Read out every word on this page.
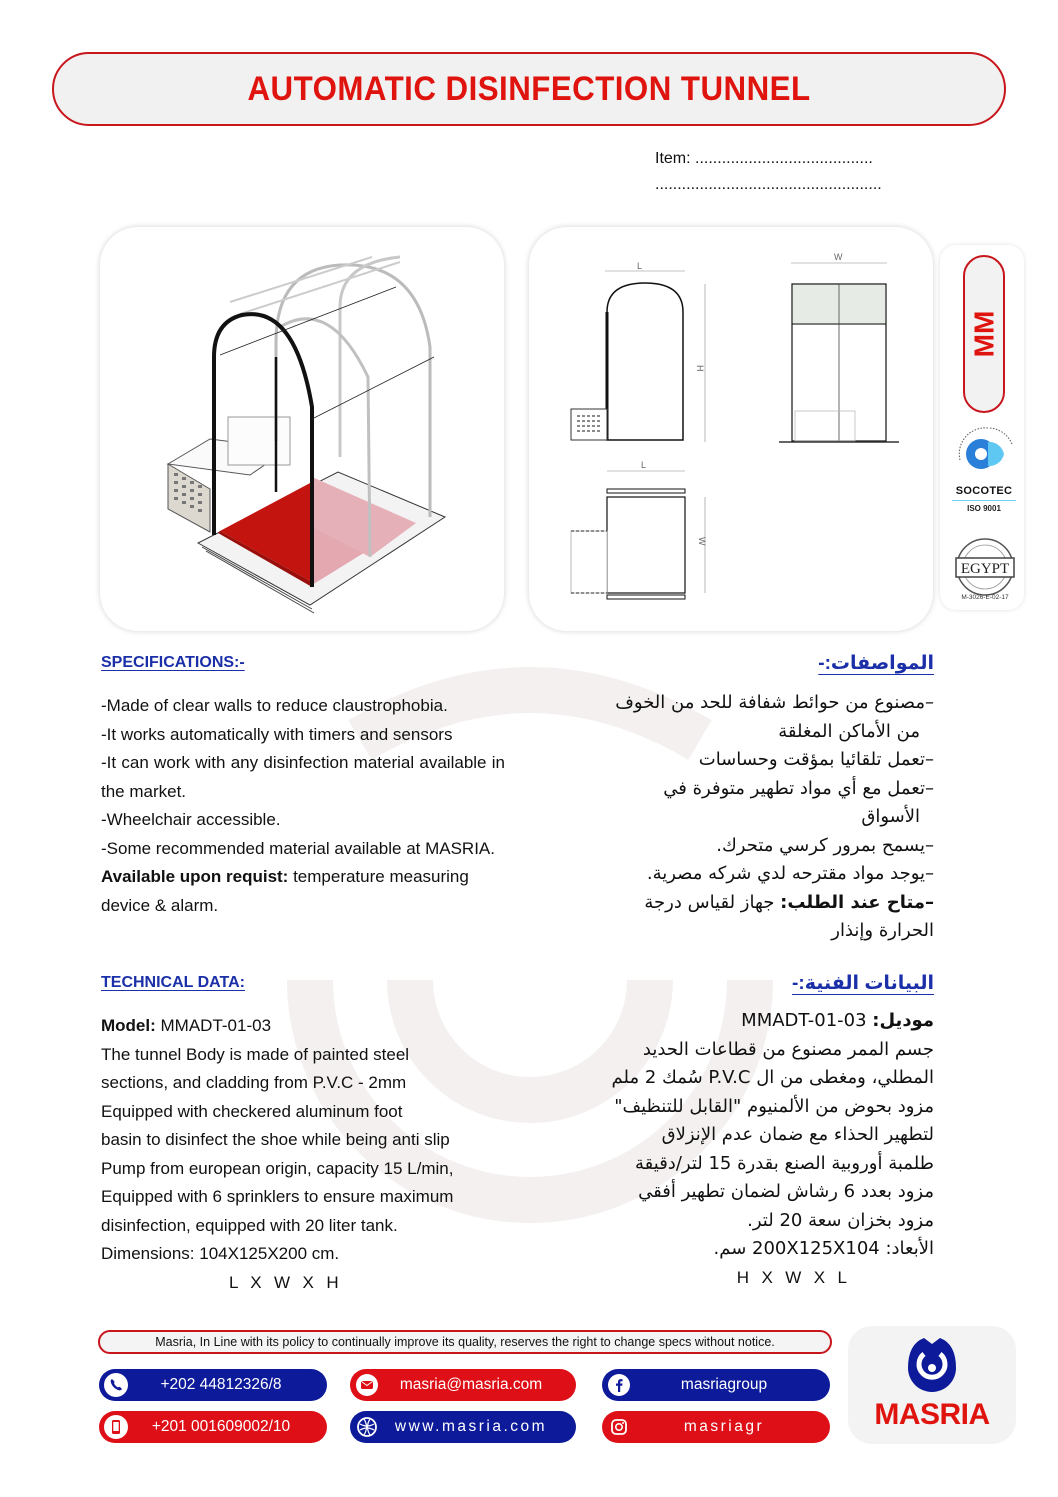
AUTOMATIC DISINFECTION TUNNEL
Item: ........................................
...................................................
L
H
W
L
W
MM
SOCOTEC
ISO 9001
EGYPT
M-3026-E-02-17
SPECIFICATIONS:-

-Made of clear walls to reduce claustrophobia.

-It works automatically with timers and sensors

-It can work with any disinfection material available in the market.

-Wheelchair accessible.

-Some recommended material available at MASRIA.

Available upon requist: temperature measuring device & alarm.

المواصفات:-

–مصنوع من حوائط شفافة للحد من الخوف

من الأماكن المغلقة

–تعمل تلقائيا بمؤقت وحساسات

–تعمل مع أي مواد تطهير متوفرة في

الأسواق

–يسمح بمرور كرسي متحرك.

–يوجد مواد مقترحه لدي شركه مصرية.

–متاح عند الطلب: جهاز لقياس درجة

الحرارة وإنذار

TECHNICAL DATA:

Model: MMADT-01-03

The tunnel Body is made of painted steel

sections, and cladding from P.V.C - 2mm

Equipped with checkered aluminum foot

basin to disinfect the shoe while being anti slip

Pump from european origin, capacity 15 L/min,

Equipped with 6 sprinklers to ensure maximum

disinfection, equipped with 20 liter tank.

Dimensions: 104X125X200 cm.

L  X  W  X  H

البيانات الفنية:-

موديل: MMADT-01-03

جسم الممر مصنوع من قطاعات الحديد

المطلي، ومغطى من ال P.V.C سُمك 2 ملم

مزود بحوض من الألمنيوم "القابل للتنظيف"

لتطهير الحذاء مع ضمان عدم الإنزلاق

طلمبة أوروبية الصنع بقدرة 15 لتر/دقيقة

مزود بعدد 6 رشاش لضمان تطهير أفقي

مزود بخزان سعة 20 لتر.

الأبعاد: 200X125X104 سم.

H  X  W  X  L

Masria, In Line with its policy to continually improve its quality, reserves the right to change specs without notice.
+202 44812326/8	masria@masria.com	masriagroup
+201 001609002/10	www.masria.com	masriagr	MASRIA
